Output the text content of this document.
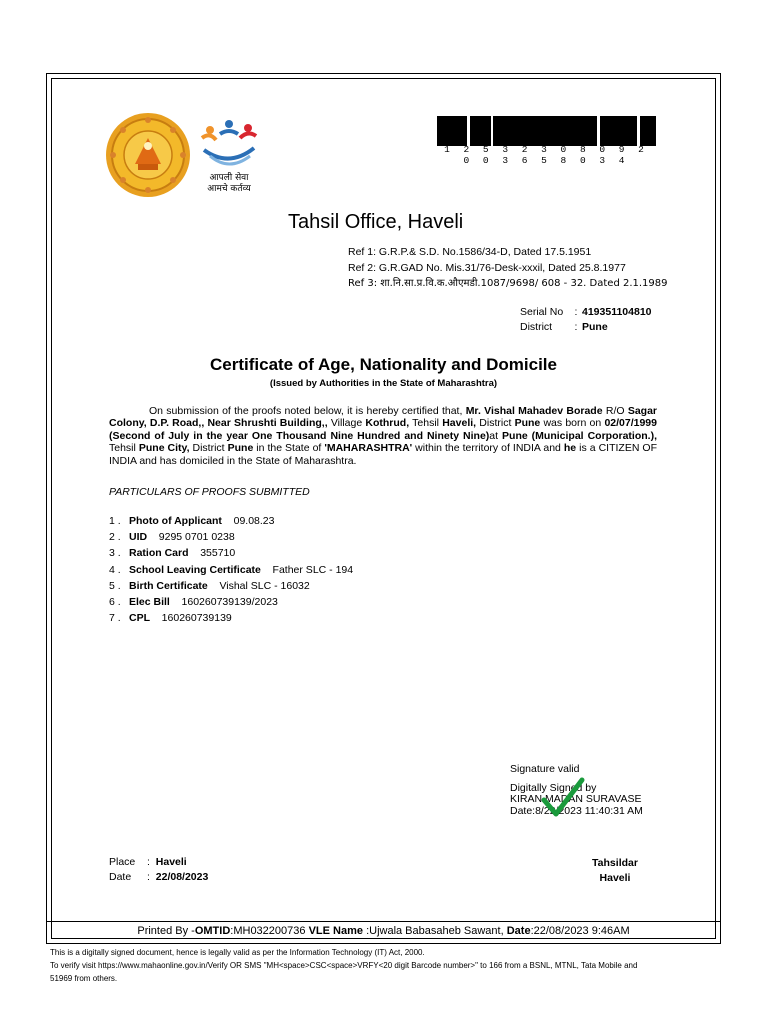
आपली सेवा
आमचे कर्तव्य
1 2 5 3 2 3 0 8 0 9 2 0 0 3 6 5 8 0 3 4
Tahsil Office, Haveli
Ref 1: G.R.P.& S.D. No.1586/34-D, Dated 17.5.1951
Ref 2: G.R.GAD No. Mis.31/76-Desk-xxxil, Dated 25.8.1977
Ref 3: शा.नि.सा.प्र.वि.क.औएमडी.1087/9698/ 608 - 32. Dated 2.1.1989
Serial No : 419351104810
District : Pune
Certificate of Age, Nationality and Domicile
(Issued by Authorities in the State of Maharashtra)
On submission of the proofs noted below, it is hereby certified that, Mr. Vishal Mahadev Borade R/O Sagar Colony, D.P. Road,, Near Shrushti Building,, Village Kothrud, Tehsil Haveli, District Pune was born on 02/07/1999 (Second of July in the year One Thousand Nine Hundred and Ninety Nine)at Pune (Municipal Corporation.), Tehsil Pune City, District Pune in the State of 'MAHARASHTRA' within the territory of INDIA and he is a CITIZEN OF INDIA and has domiciled in the State of Maharashtra.
PARTICULARS OF PROOFS SUBMITTED
1 . Photo of Applicant 09.08.23
2 . UID 9295 0701 0238
3 . Ration Card 355710
4 . School Leaving Certificate Father SLC - 194
5 . Birth Certificate Vishal SLC - 16032
6 . Elec Bill 160260739139/2023
7 . CPL 160260739139
Signature valid
Digitally Signed by
KIRAN MADAN SURAVASE
Date:8/22/2023 11:40:31 AM
Place :  Haveli
Date :  22/08/2023
Tahsildar
Haveli
Printed By -OMTID:MH032200736 VLE Name :Ujwala Babasaheb Sawant, Date:22/08/2023 9:46AM
This is a digitally signed document, hence is legally valid as per the Information Technology (IT) Act, 2000.
To verify visit https://www.mahaonline.gov.in/Verify OR SMS "MH<space>CSC<space>VRFY<20 digit Barcode number>" to 166 from a BSNL, MTNL, Tata Mobile and
51969 from others.
